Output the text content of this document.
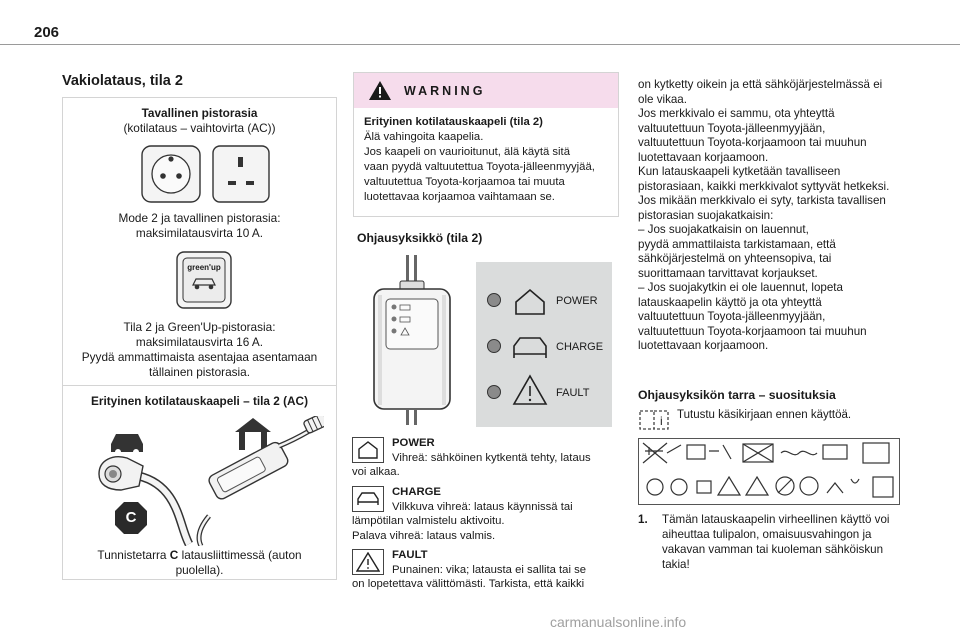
206
Vakiolataus, tila 2
Tavallinen pistorasia
(kotilataus – vaihtovirta (AC))
Mode 2 ja tavallinen pistorasia:
maksimilatausvirta 10 A.
green'up
Tila 2 ja Green'Up-pistorasia:
maksimilatausvirta 16 A.
Pyydä ammattimaista asentajaa asentamaan
tällainen pistorasia.
Erityinen kotilatauskaapeli – tila 2 (AC)
C
Tunnistetarra C latausliittimessä (auton
puolella).
WARNING
Erityinen kotilatauskaapeli (tila 2)
Älä vahingoita kaapelia.
Jos kaapeli on vaurioitunut, älä käytä sitä
vaan pyydä valtuutettua Toyota-jälleenmyyjää,
valtuutettua Toyota-korjaamoa tai muuta
luotettavaa korjaamoa vaihtamaan se.
Ohjausyksikkö (tila 2)
POWER
CHARGE
FAULT
POWER
Vihreä: sähköinen kytkentä tehty, lataus
voi alkaa.
CHARGE
Vilkkuva vihreä: lataus käynnissä tai
lämpötilan valmistelu aktivoitu.
Palava vihreä: lataus valmis.
FAULT
Punainen: vika; latausta ei sallita tai se
on lopetettava välittömästi. Tarkista, että kaikki
on kytketty oikein ja että sähköjärjestelmässä ei
ole vikaa.
Jos merkkivalo ei sammu, ota yhteyttä
valtuutettuun Toyota-jälleenmyyjään,
valtuutettuun Toyota-korjaamoon tai muuhun
luotettavaan korjaamoon.
Kun latauskaapeli kytketään tavalliseen
pistorasiaan, kaikki merkkivalot syttyvät hetkeksi.
Jos mikään merkkivalo ei syty, tarkista tavallisen
pistorasian suojakatkaisin:
– Jos suojakatkaisin on lauennut,
pyydä ammattilaista tarkistamaan, että
sähköjärjestelmä on yhteensopiva, tai
suorittamaan tarvittavat korjaukset.
– Jos suojakytkin ei ole lauennut, lopeta
latauskaapelin käyttö ja ota yhteyttä
valtuutettuun Toyota-jälleenmyyjään,
valtuutettuun Toyota-korjaamoon tai muuhun
luotettavaan korjaamoon.
Ohjausyksikön tarra – suosituksia
i Tutustu käsikirjaan ennen käyttöä.
1. Tämän latauskaapelin virheellinen käyttö voi
aiheuttaa tulipalon, omaisuusvahingon ja
vakavan vamman tai kuoleman sähköiskun
takia!
carmanualsonline.info
